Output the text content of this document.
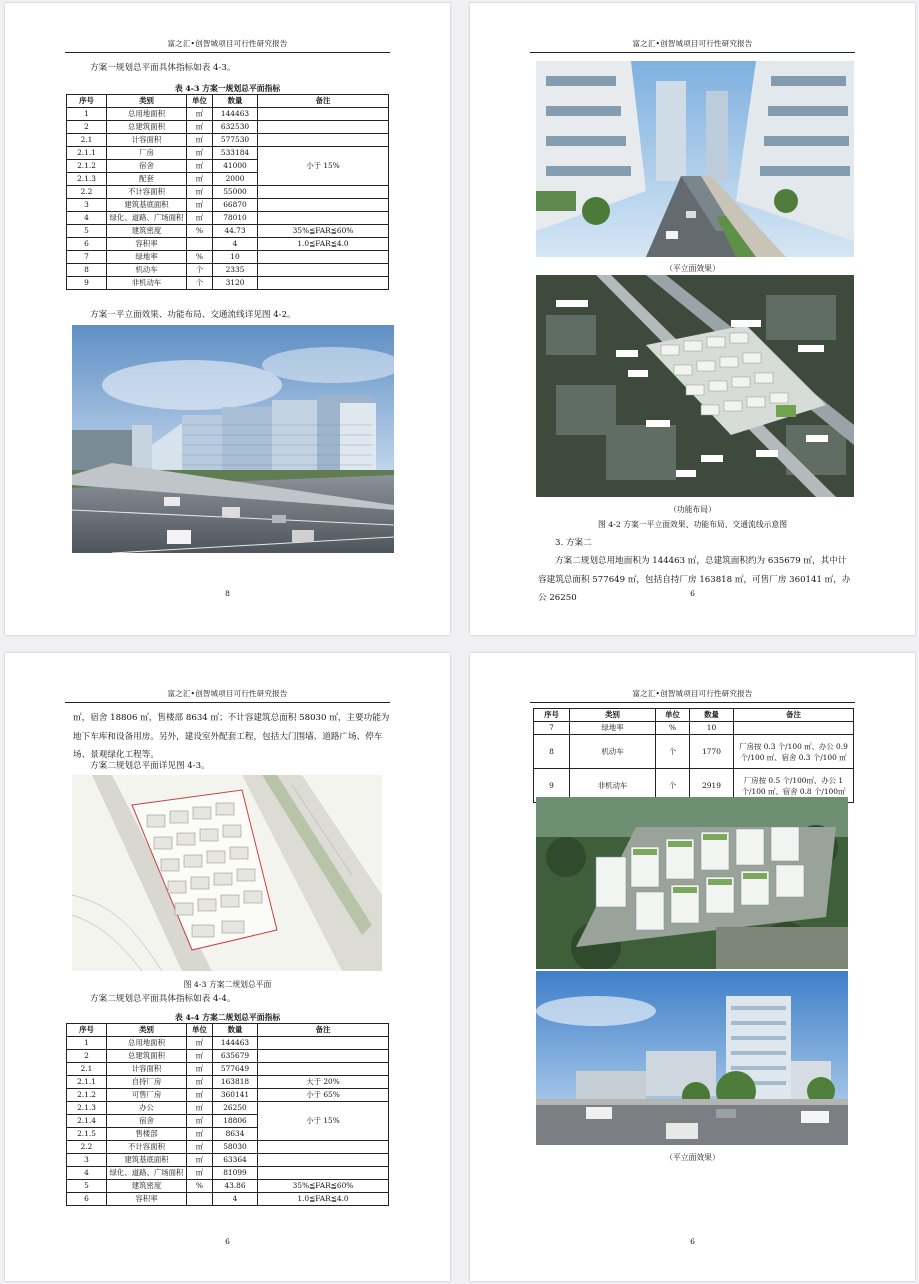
富之汇•创智城项目可行性研究报告
方案一规划总平面具体指标如表 4-3。
表 4-3 方案一规划总平面指标
序号	类别	单位	数量	备注
1	总用地面积	㎡	144463	
2	总建筑面积	㎡	632530	
2.1	计容面积	㎡	577530	
2.1.1	厂房	㎡	533184	小于 15%
2.1.2	宿舍	㎡	41000	
2.1.3	配套	㎡	2000	
2.2	不计容面积	㎡	55000	
3	建筑基底面积	㎡	66870	
4	绿化、道路、广场面积	㎡	78010	
5	建筑密度	%	44.73	35%≦FAR≦60%
6	容积率		4	1.0≦FAR≦4.0
7	绿地率	%	10	
8	机动车	个	2335	
9	非机动车	个	3120	
方案一平立面效果、功能布局、交通流线详见图 4-2。
8
富之汇•创智城项目可行性研究报告
（平立面效果）
（功能布局）
图 4-2 方案一平立面效果、功能布局、交通流线示意图
3. 方案二
方案二规划总用地面积为 144463 ㎡，总建筑面积约为 635679 ㎡，其中计容建筑总面积 577649 ㎡，包括自持厂房 163818 ㎡，可售厂房 360141 ㎡，办公 26250	6
富之汇•创智城项目可行性研究报告
㎡，宿舍 18806 ㎡，售楼部 8634 ㎡；不计容建筑总面积 58030 ㎡，主要功能为地下车库和设备用房。另外，建设室外配套工程，包括大门围墙、道路广场、停车场、景观绿化工程等。
方案二规划总平面详见图 4-3。
图 4-3 方案二规划总平面
方案二规划总平面具体指标如表 4-4。
表 4-4 方案二规划总平面指标
序号	类别	单位	数量	备注
1	总用地面积	㎡	144463	
2	总建筑面积	㎡	635679	
2.1	计容面积	㎡	577649	
2.1.1	自持厂房	㎡	163818	大于 20%
2.1.2	可售厂房	㎡	360141	小于 65%
2.1.3	办公	㎡	26250	小于 15%
2.1.4	宿舍	㎡	18806	
2.1.5	售楼部	㎡	8634	
2.2	不计容面积	㎡	58030	
3	建筑基底面积	㎡	63364	
4	绿化、道路、广场面积	㎡	81099	
5	建筑密度	%	43.86	35%≦FAR≦60%
6	容积率		4	1.0≦FAR≦4.0
6
富之汇•创智城项目可行性研究报告
序号	类别	单位	数量	备注
7	绿地率	%	10	
8	机动车	个	1770	厂房按 0.3 个/100 ㎡、办公 0.9 个/100 ㎡、宿舍 0.3 个/100 ㎡
9	非机动车	个	2919	厂房按 0.5 个/100㎡、办公 1 个/100 ㎡、宿舍 0.8 个/100㎡
（平立面效果）
6
